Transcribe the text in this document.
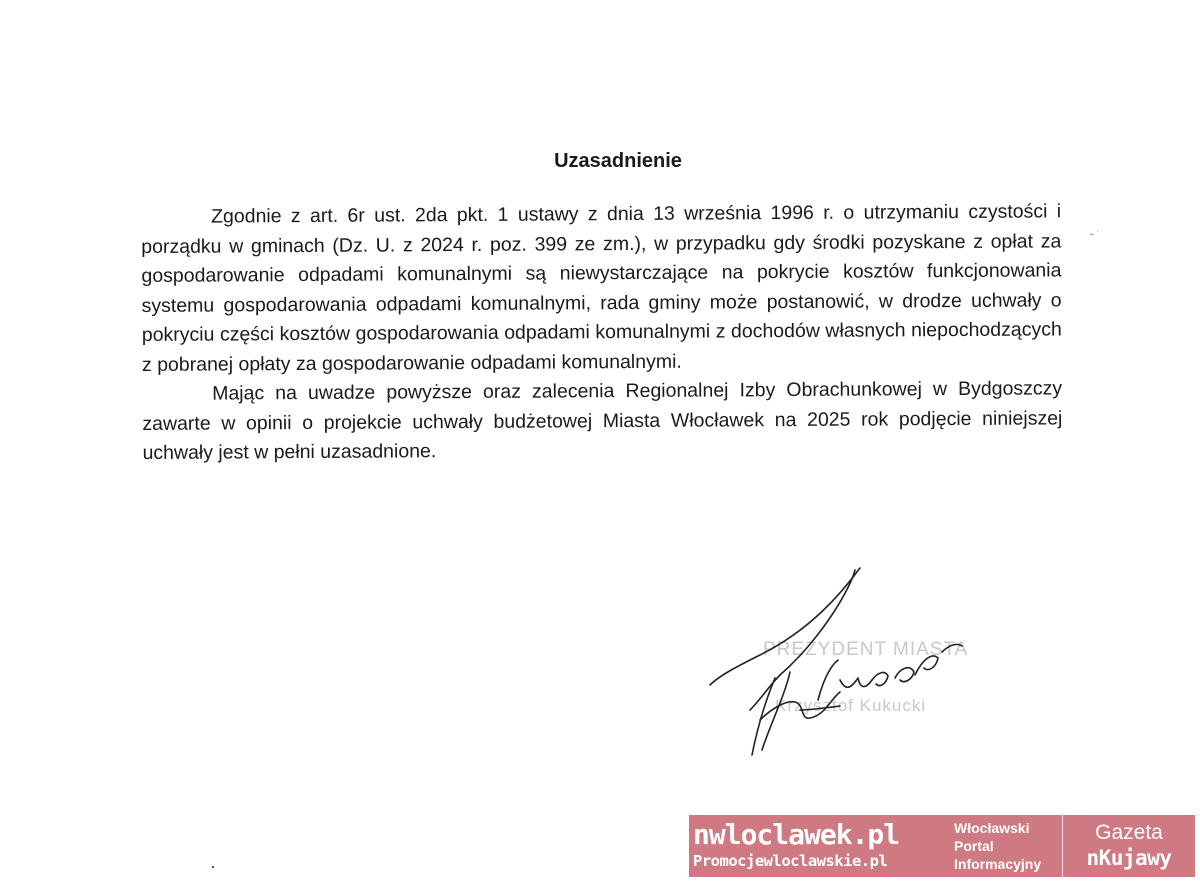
Uzasadnienie

Zgodnie z art. 6r ust. 2da pkt. 1 ustawy z dnia 13 września 1996 r. o utrzymaniu czystości i porządku w gminach (Dz. U. z 2024 r. poz. 399 ze zm.), w przypadku gdy środki pozyskane z opłat za gospodarowanie odpadami komunalnymi są niewystarczające na pokrycie kosztów funkcjonowania systemu gospodarowania odpadami komunalnymi, rada gminy może postanowić, w drodze uchwały o pokryciu części kosztów gospodarowania odpadami komunalnymi z dochodów własnych niepochodzących z pobranej opłaty za gospodarowanie odpadami komunalnymi.

Mając na uwadze powyższe oraz zalecenia Regionalnej Izby Obrachunkowej w Bydgoszczy zawarte w opinii o projekcie uchwały budżetowej Miasta Włocławek na 2025 rok podjęcie niniejszej uchwały jest w pełni uzasadnione.

˗ ˑ
PREZYDENT MIASTA
Krzysztof Kukucki
nwloclawek.pl
Promocjewloclawskie.pl
Włocławski
Portal
Informacyjny
Gazeta
nKujawy
